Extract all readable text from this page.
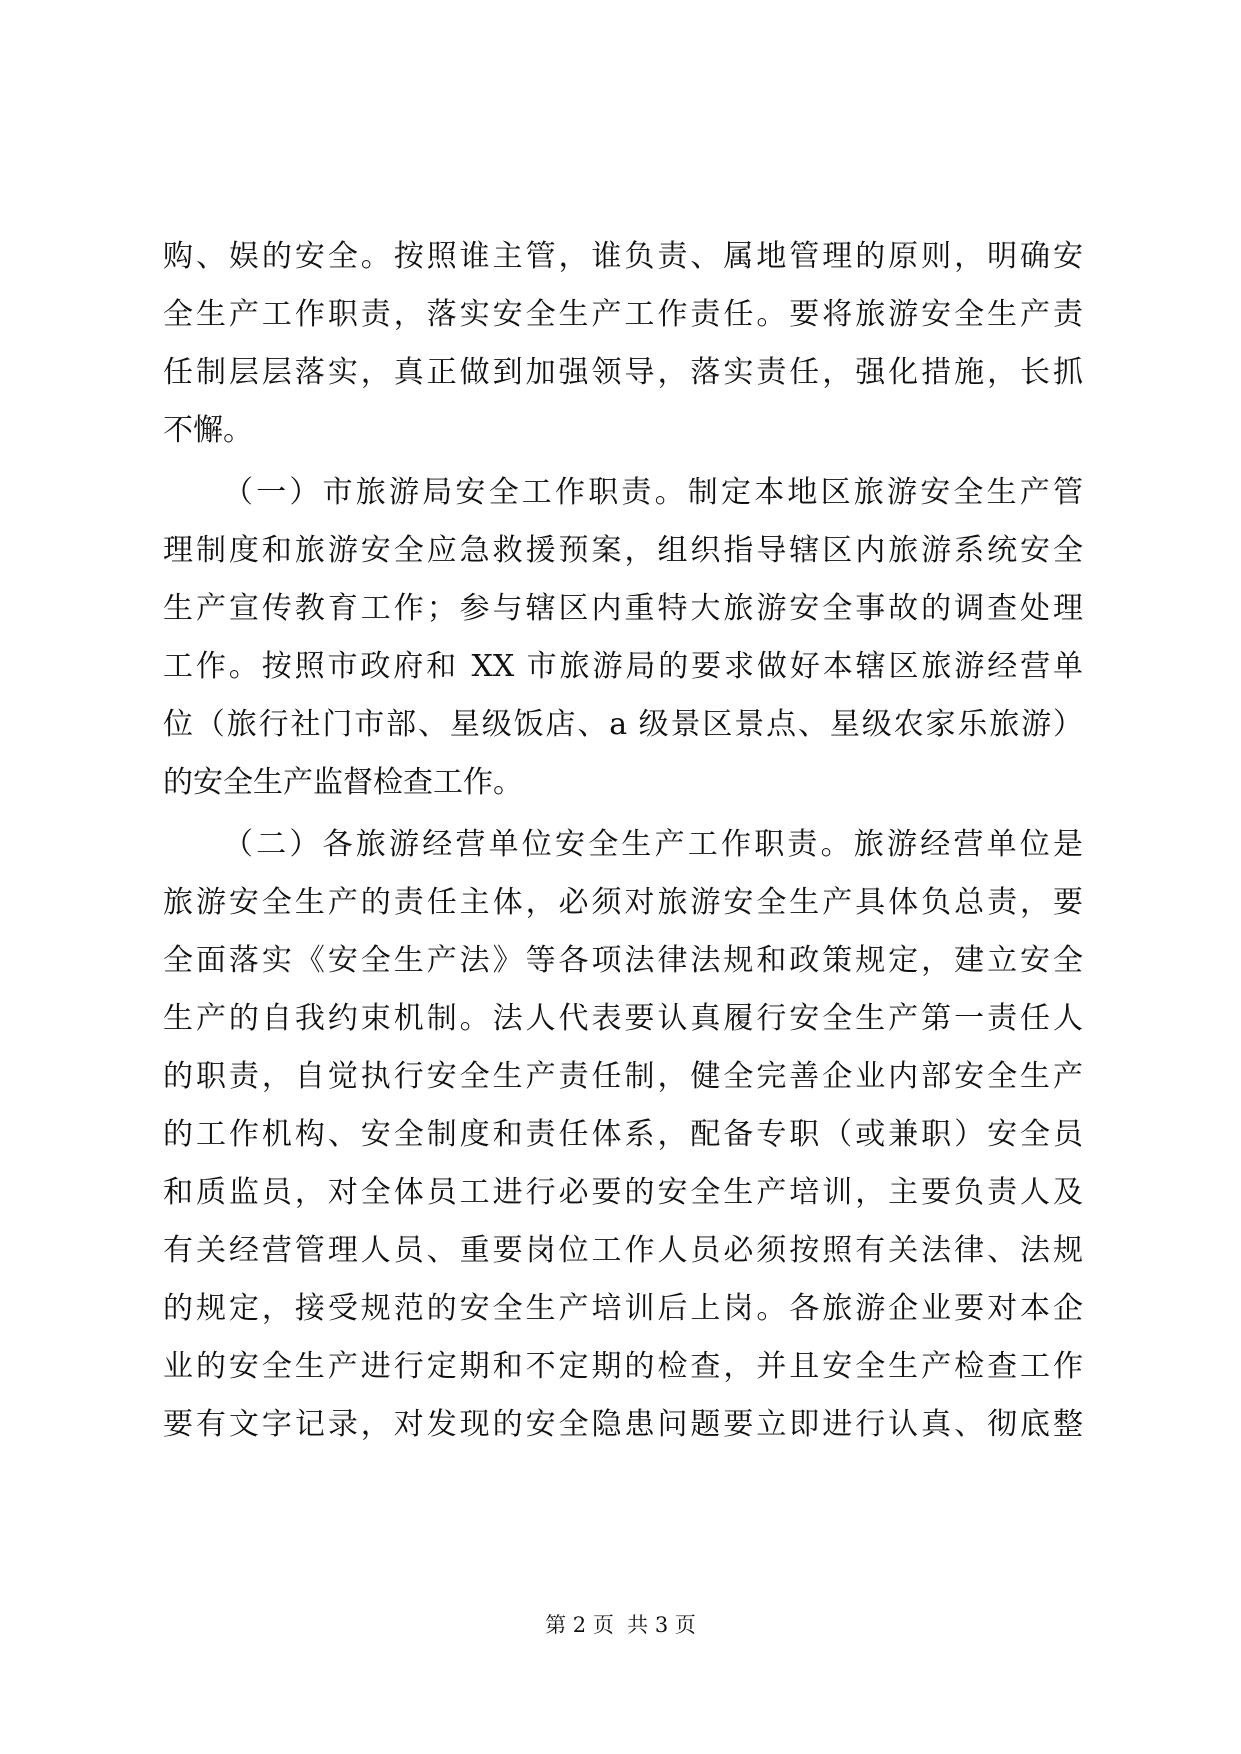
购、娱的安全。按照谁主管，谁负责、属地管理的原则，明确安
全生产工作职责，落实安全生产工作责任。要将旅游安全生产责
任制层层落实，真正做到加强领导，落实责任，强化措施，长抓
不懈。
（一）市旅游局安全工作职责。制定本地区旅游安全生产管
理制度和旅游安全应急救援预案，组织指导辖区内旅游系统安全
生产宣传教育工作；参与辖区内重特大旅游安全事故的调查处理
工作。按照市政府和 XX 市旅游局的要求做好本辖区旅游经营单
位（旅行社门市部、星级饭店、a 级景区景点、星级农家乐旅游）
的安全生产监督检查工作。
（二）各旅游经营单位安全生产工作职责。旅游经营单位是
旅游安全生产的责任主体，必须对旅游安全生产具体负总责，要
全面落实《安全生产法》等各项法律法规和政策规定，建立安全
生产的自我约束机制。法人代表要认真履行安全生产第一责任人
的职责，自觉执行安全生产责任制，健全完善企业内部安全生产
的工作机构、安全制度和责任体系，配备专职（或兼职）安全员
和质监员，对全体员工进行必要的安全生产培训，主要负责人及
有关经营管理人员、重要岗位工作人员必须按照有关法律、法规
的规定，接受规范的安全生产培训后上岗。各旅游企业要对本企
业的安全生产进行定期和不定期的检查，并且安全生产检查工作
要有文字记录，对发现的安全隐患问题要立即进行认真、彻底整
第 2 页  共 3 页
